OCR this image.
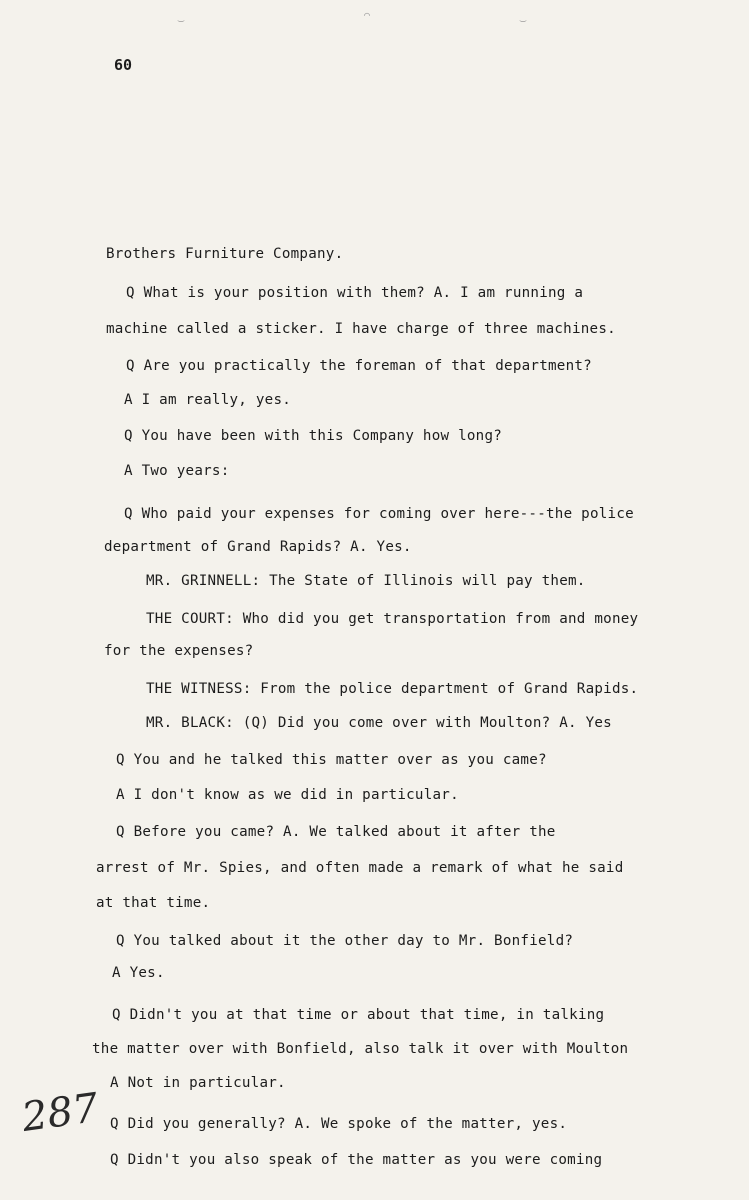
‿	⌒	‿
60
Brothers Furniture Company.
Q What is your position with them? A. I am running a
machine called a sticker. I have charge of three machines.
Q Are you practically the foreman of that department?
A I am really, yes.
Q You have been with this Company how long?
A Two years:
Q Who paid your expenses for coming over here---the police
department of Grand Rapids? A. Yes.
MR. GRINNELL: The State of Illinois will pay them.
THE COURT: Who did you get transportation from and money
for the expenses?
THE WITNESS: From the police department of Grand Rapids.
MR. BLACK: (Q) Did you come over with Moulton? A. Yes
Q You and he talked this matter over as you came?
A I don't know as we did in particular.
Q Before you came? A. We talked about it after the
arrest of Mr. Spies, and often made a remark of what he said
at that time.
Q You talked about it the other day to Mr. Bonfield?
A Yes.
Q Didn't you at that time or about that time, in talking
the matter over with Bonfield, also talk it over with Moulton
A Not in particular.
Q Did you generally? A. We spoke of the matter, yes.
Q Didn't you also speak of the matter as you were coming
287
